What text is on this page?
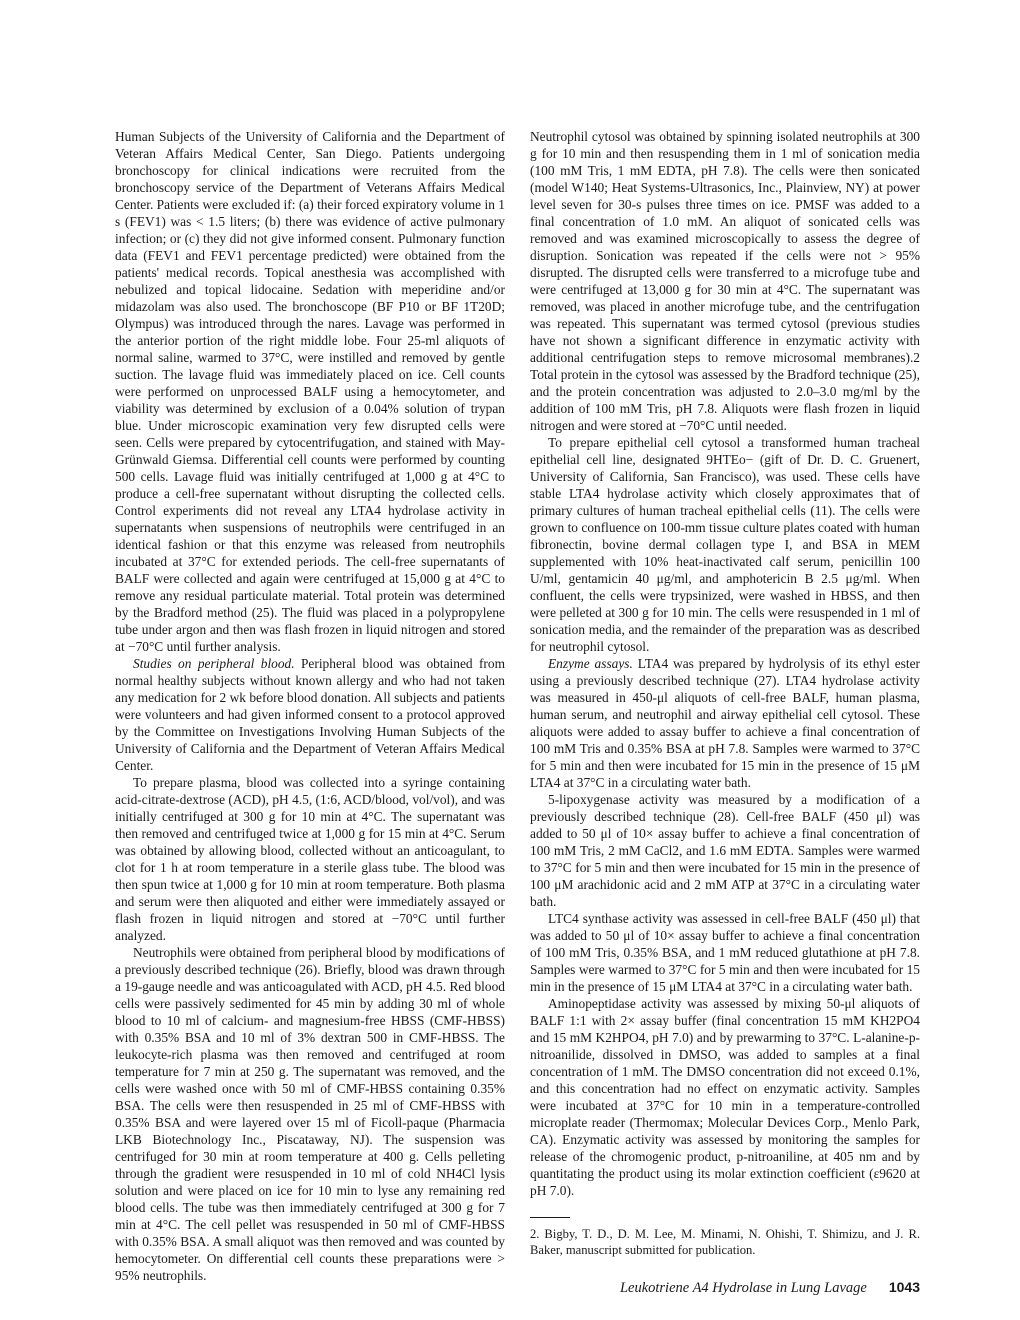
Human Subjects of the University of California and the Department of Veteran Affairs Medical Center, San Diego. Patients undergoing bronchoscopy for clinical indications were recruited from the bronchoscopy service of the Department of Veterans Affairs Medical Center. Patients were excluded if: (a) their forced expiratory volume in 1 s (FEV1) was < 1.5 liters; (b) there was evidence of active pulmonary infection; or (c) they did not give informed consent. Pulmonary function data (FEV1 and FEV1 percentage predicted) were obtained from the patients' medical records. Topical anesthesia was accomplished with nebulized and topical lidocaine. Sedation with meperidine and/or midazolam was also used. The bronchoscope (BF P10 or BF 1T20D; Olympus) was introduced through the nares. Lavage was performed in the anterior portion of the right middle lobe. Four 25-ml aliquots of normal saline, warmed to 37°C, were instilled and removed by gentle suction. The lavage fluid was immediately placed on ice. Cell counts were performed on unprocessed BALF using a hemocytometer, and viability was determined by exclusion of a 0.04% solution of trypan blue. Under microscopic examination very few disrupted cells were seen. Cells were prepared by cytocentrifugation, and stained with May-Grünwald Giemsa. Differential cell counts were performed by counting 500 cells. Lavage fluid was initially centrifuged at 1,000 g at 4°C to produce a cell-free supernatant without disrupting the collected cells. Control experiments did not reveal any LTA4 hydrolase activity in supernatants when suspensions of neutrophils were centrifuged in an identical fashion or that this enzyme was released from neutrophils incubated at 37°C for extended periods. The cell-free supernatants of BALF were collected and again were centrifuged at 15,000 g at 4°C to remove any residual particulate material. Total protein was determined by the Bradford method (25). The fluid was placed in a polypropylene tube under argon and then was flash frozen in liquid nitrogen and stored at −70°C until further analysis.

Studies on peripheral blood. Peripheral blood was obtained from normal healthy subjects without known allergy and who had not taken any medication for 2 wk before blood donation. All subjects and patients were volunteers and had given informed consent to a protocol approved by the Committee on Investigations Involving Human Subjects of the University of California and the Department of Veteran Affairs Medical Center.

To prepare plasma, blood was collected into a syringe containing acid-citrate-dextrose (ACD), pH 4.5, (1:6, ACD/blood, vol/vol), and was initially centrifuged at 300 g for 10 min at 4°C. The supernatant was then removed and centrifuged twice at 1,000 g for 15 min at 4°C. Serum was obtained by allowing blood, collected without an anticoagulant, to clot for 1 h at room temperature in a sterile glass tube. The blood was then spun twice at 1,000 g for 10 min at room temperature. Both plasma and serum were then aliquoted and either were immediately assayed or flash frozen in liquid nitrogen and stored at −70°C until further analyzed.

Neutrophils were obtained from peripheral blood by modifications of a previously described technique (26). Briefly, blood was drawn through a 19-gauge needle and was anticoagulated with ACD, pH 4.5. Red blood cells were passively sedimented for 45 min by adding 30 ml of whole blood to 10 ml of calcium- and magnesium-free HBSS (CMF-HBSS) with 0.35% BSA and 10 ml of 3% dextran 500 in CMF-HBSS. The leukocyte-rich plasma was then removed and centrifuged at room temperature for 7 min at 250 g. The supernatant was removed, and the cells were washed once with 50 ml of CMF-HBSS containing 0.35% BSA. The cells were then resuspended in 25 ml of CMF-HBSS with 0.35% BSA and were layered over 15 ml of Ficoll-paque (Pharmacia LKB Biotechnology Inc., Piscataway, NJ). The suspension was centrifuged for 30 min at room temperature at 400 g. Cells pelleting through the gradient were resuspended in 10 ml of cold NH4Cl lysis solution and were placed on ice for 10 min to lyse any remaining red blood cells. The tube was then immediately centrifuged at 300 g for 7 min at 4°C. The cell pellet was resuspended in 50 ml of CMF-HBSS with 0.35% BSA. A small aliquot was then removed and was counted by hemocytometer. On differential cell counts these preparations were > 95% neutrophils.

Neutrophil cytosol was obtained by spinning isolated neutrophils at 300 g for 10 min and then resuspending them in 1 ml of sonication media (100 mM Tris, 1 mM EDTA, pH 7.8). The cells were then sonicated (model W140; Heat Systems-Ultrasonics, Inc., Plainview, NY) at power level seven for 30-s pulses three times on ice. PMSF was added to a final concentration of 1.0 mM. An aliquot of sonicated cells was removed and was examined microscopically to assess the degree of disruption. Sonication was repeated if the cells were not > 95% disrupted. The disrupted cells were transferred to a microfuge tube and were centrifuged at 13,000 g for 30 min at 4°C. The supernatant was removed, was placed in another microfuge tube, and the centrifugation was repeated. This supernatant was termed cytosol (previous studies have not shown a significant difference in enzymatic activity with additional centrifugation steps to remove microsomal membranes).2 Total protein in the cytosol was assessed by the Bradford technique (25), and the protein concentration was adjusted to 2.0–3.0 mg/ml by the addition of 100 mM Tris, pH 7.8. Aliquots were flash frozen in liquid nitrogen and were stored at −70°C until needed.

To prepare epithelial cell cytosol a transformed human tracheal epithelial cell line, designated 9HTEo− (gift of Dr. D. C. Gruenert, University of California, San Francisco), was used. These cells have stable LTA4 hydrolase activity which closely approximates that of primary cultures of human tracheal epithelial cells (11). The cells were grown to confluence on 100-mm tissue culture plates coated with human fibronectin, bovine dermal collagen type I, and BSA in MEM supplemented with 10% heat-inactivated calf serum, penicillin 100 U/ml, gentamicin 40 μg/ml, and amphotericin B 2.5 μg/ml. When confluent, the cells were trypsinized, were washed in HBSS, and then were pelleted at 300 g for 10 min. The cells were resuspended in 1 ml of sonication media, and the remainder of the preparation was as described for neutrophil cytosol.

Enzyme assays. LTA4 was prepared by hydrolysis of its ethyl ester using a previously described technique (27). LTA4 hydrolase activity was measured in 450-μl aliquots of cell-free BALF, human plasma, human serum, and neutrophil and airway epithelial cell cytosol. These aliquots were added to assay buffer to achieve a final concentration of 100 mM Tris and 0.35% BSA at pH 7.8. Samples were warmed to 37°C for 5 min and then were incubated for 15 min in the presence of 15 μM LTA4 at 37°C in a circulating water bath.

5-lipoxygenase activity was measured by a modification of a previously described technique (28). Cell-free BALF (450 μl) was added to 50 μl of 10× assay buffer to achieve a final concentration of 100 mM Tris, 2 mM CaCl2, and 1.6 mM EDTA. Samples were warmed to 37°C for 5 min and then were incubated for 15 min in the presence of 100 μM arachidonic acid and 2 mM ATP at 37°C in a circulating water bath.

LTC4 synthase activity was assessed in cell-free BALF (450 μl) that was added to 50 μl of 10× assay buffer to achieve a final concentration of 100 mM Tris, 0.35% BSA, and 1 mM reduced glutathione at pH 7.8. Samples were warmed to 37°C for 5 min and then were incubated for 15 min in the presence of 15 μM LTA4 at 37°C in a circulating water bath.

Aminopeptidase activity was assessed by mixing 50-μl aliquots of BALF 1:1 with 2× assay buffer (final concentration 15 mM KH2PO4 and 15 mM K2HPO4, pH 7.0) and by prewarming to 37°C. L-alanine-p-nitroanilide, dissolved in DMSO, was added to samples at a final concentration of 1 mM. The DMSO concentration did not exceed 0.1%, and this concentration had no effect on enzymatic activity. Samples were incubated at 37°C for 10 min in a temperature-controlled microplate reader (Thermomax; Molecular Devices Corp., Menlo Park, CA). Enzymatic activity was assessed by monitoring the samples for release of the chromogenic product, p-nitroaniline, at 405 nm and by quantitating the product using its molar extinction coefficient (ε9620 at pH 7.0).

2. Bigby, T. D., D. M. Lee, M. Minami, N. Ohishi, T. Shimizu, and J. R. Baker, manuscript submitted for publication.

Leukotriene A4 Hydrolase in Lung Lavage 1043
